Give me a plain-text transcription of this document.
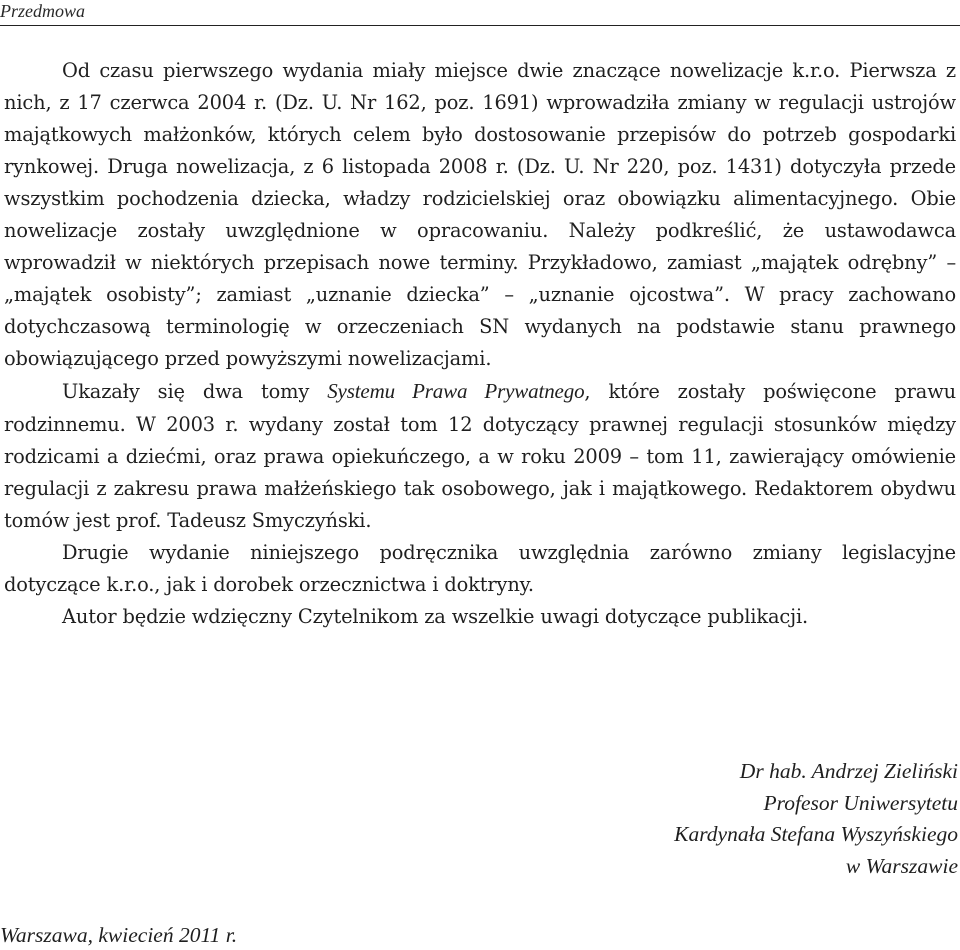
Przedmowa

Od czasu pierwszego wydania miały miejsce dwie znaczące nowelizacje k.r.o. Pierwsza z nich, z 17 czerwca 2004 r. (Dz. U. Nr 162, poz. 1691) wprowadziła zmiany w regulacji ustrojów majątkowych małżonków, których celem było dostosowanie przepisów do potrzeb gospodarki rynkowej. Druga nowelizacja, z 6 listopada 2008 r. (Dz. U. Nr 220, poz. 1431) dotyczyła przede wszystkim pochodzenia dziecka, władzy rodzicielskiej oraz obowiązku alimentacyjnego. Obie nowelizacje zostały uwzględnione w opracowaniu. Należy podkreślić, że ustawodawca wprowadził w niektórych przepisach nowe terminy. Przykładowo, zamiast „majątek odrębny” – „majątek osobisty”; zamiast „uznanie dziecka” – „uznanie ojcostwa”. W pracy zachowano dotychczasową terminologię w orzeczeniach SN wydanych na podstawie stanu prawnego obowiązującego przed powyższymi nowelizacjami.

Ukazały się dwa tomy Systemu Prawa Prywatnego, które zostały poświęcone prawu rodzinnemu. W 2003 r. wydany został tom 12 dotyczący prawnej regulacji stosunków między rodzicami a dziećmi, oraz prawa opiekuńczego, a w roku 2009 – tom 11, zawierający omówienie regulacji z zakresu prawa małżeńskiego tak osobowego, jak i majątkowego. Redaktorem obydwu tomów jest prof. Tadeusz Smyczyński.

Drugie wydanie niniejszego podręcznika uwzględnia zarówno zmiany legislacyjne dotyczące k.r.o., jak i dorobek orzecznictwa i doktryny.

Autor będzie wdzięczny Czytelnikom za wszelkie uwagi dotyczące publikacji.

Dr hab. Andrzej Zieliński
Profesor Uniwersytetu
Kardynała Stefana Wyszyńskiego
w Warszawie
Warszawa, kwiecień 2011 r.
